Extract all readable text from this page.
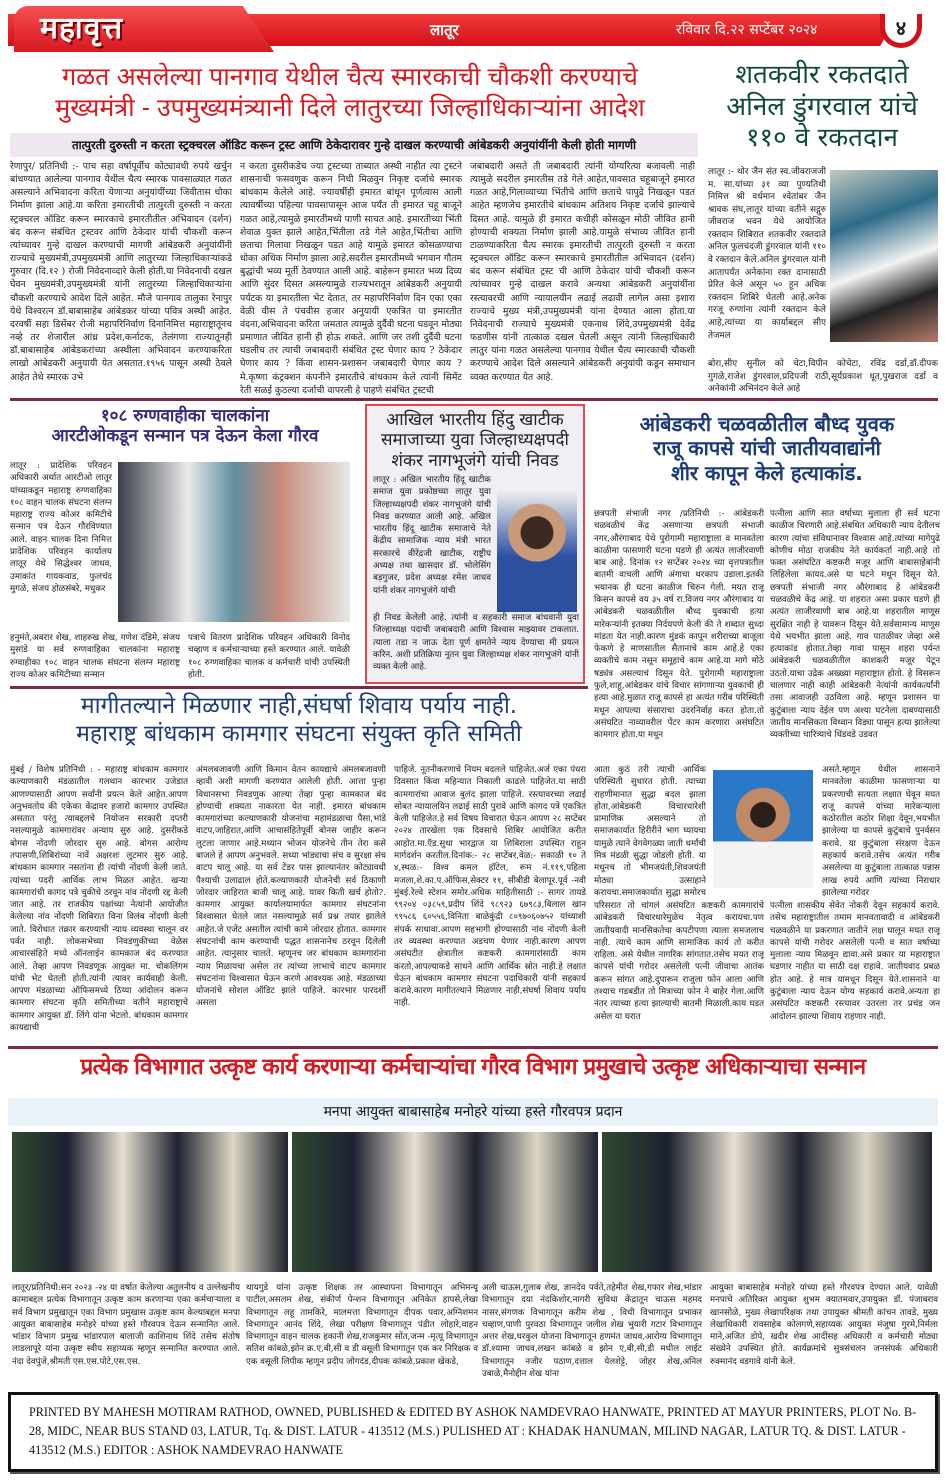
महावृत्त	लातूर	रविवार दि.२२ सप्टेंबर २०२४	४
गळत असलेल्या पानगाव येथील चैत्य स्मारकाची चौकशी करण्याचे
मुख्यमंत्री - उपमुख्यमंत्र्यानी दिले लातुरच्या जिल्हाधिकाऱ्यांना आदेश
तात्पुरती दुरुस्ती न करता स्ट्रक्चरल ऑडिट करून ट्रस्ट आणि ठेकेदारावर गुन्हे दाखल करण्याची आंबेडकरी अनुयांयींनी केली होती मागणी
रेणापुर/ प्रतिनिधी :- पाच सहा वर्षापूर्वीच कोट्यावधी रुपये खर्चुन बांधण्यात आलेल्या पानगाव येथील चैत्य स्मारक पावसाळ्यात गळत असल्याने अभिवादना करिता येणाऱ्या अनुयांयींच्या जिवीतास धोका निर्माण झाला आहे.या करिता इमारतीची तात्पुरती दुरुस्ती न करता स्ट्रक्चरल ऑडिट करून स्मारकाचे इमारतीतील अभिवादन (दर्शन) बंद करून संबंधित ट्रस्टवर आणि ठेकेदार यांची चौकशी करून त्यांच्यावर गुन्हे दाखल करण्याची मागणी आंबेडकरी अनुयांयींनी राज्याचे मुख्यमंत्री,उपमुख्यमंत्री आणि लातुरच्या जिल्हाधिकाऱ्यांकडे गुरुवार (दि.१२ ) रोजी निवेदनाव्दारे केली होती.या निवेदनाची दखल घेवन मुख्यमंत्री,उपमुख्यमंत्री यांनी लातुरच्या जिल्हाधिकाऱ्यांना चौकशी करण्याचे आदेश दिले आहेत. मौजे पानगाव तालुका रेनापुर येथे विश्वरत्न डॉ.बाबासाहेब आंबेडकर यांच्या पवित्र अस्थी आहेत. दरवर्षी सहा डिसेंबर रोजी महापरिनिर्वाण दिनानिमित्त महाराष्ट्रातूनच नव्हे तर शेजारील आंध्र प्रदेश,कर्नाटक, तेलंगणा राज्यातूनही डॉ.बाबासाहेब आंबेडकरांच्या अस्थीला अभिवादन करण्याकरिता लाखो आंबेडकरी अनुयायी येत असतात.१९५६ पासून अस्थी ठेवले आहेत तेथे स्मारक उभे
न करता दुसरीकडेच ज्या ट्रस्टच्या ताब्यात अस्थी नाहीत त्या ट्रस्टने शासनाची फसवणुक करून निधी मिळवुन निकृष्ट दर्जाचे स्मारक बांधकाम केलेले आहे. ज्यावर्षीही इमारत बांधून पूर्णत्वास आली त्यावर्षीच्या पहिल्या पावसापासून आज पर्यंत ती इमारत चहू बाजूने गळत आहे,त्यामुळे इमारतीमध्ये पाणी साचत आहे. इमारतीच्या भिंती शेवाळ युक्त झाले आहेत,भिंतीला तडे गेले आहेत,भिंतीचा आणि छताचा गिलावा निखळून पडत आहे यामुळे इमारत कोसळण्याचा धोका अधिक निर्माण झाला आहे.सदरील इमारतीमध्ये भगवान गौतम बुद्धांची भव्य मूर्ती ठेवण्यात आली आहे. बाहेरून इमारत भव्य दिव्य आणि सुंदर दिसत असल्यामुळे राज्यभरातून आंबेडकरी अनुयायी पर्यटक या इमारतीला भेट देतात, तर महापरिनिर्वाण दिन एका एका वेळी वीस ते पंचवीस हजार अनुयायी एकत्रित या इमारतीत वंदना,अभिवादना करिता जमतात त्यामुळे दुर्दैवी घटना घडवून मोठ्या प्रमाणात जीवित हानी ही होऊ शकते. आणि जर तशी दुर्दैवी घटना घडलीच तर त्याची जबाबदारी संबंधित ट्रस्ट घेणार काय ? ठेकेदार घेणार काय ? किंवा शासन-प्रशासन जबाबदारी घेणार काय ? मे.कृष्णा कंट्रक्शन कंपनीने इमारतीचे बांधकाम केले त्यांनी सिमेंट रेती सळई कुठल्या दर्जाची वापरली हे पाहणे संबंधित ट्रस्टची
जबाबदारी असते ती जबाबदारी त्यांनी योग्यरित्या बजावली नाही त्यामुळे सदरील इमारतीस तडे गेले आहेत,पावसात चहूबाजूने इमारत गळत आहे,गिलाव्याच्या भिंतीचे आणि छताचे पापुद्रे निखळून पडत आहेत म्हणजेच इमारतीचे बांधकाम अतिशय निकृष्ट दर्जाचे झाल्याचे दिसत आहे. यामुळे ही इमारत कधीही कोसळून मोठी जीवित हानी होण्याची शक्यता निर्माण झाली आहे.यामुळे संभाव्य जीवित हानी टाळण्याकरिता चैत्य स्मारक इमारतीची तात्पुरती दुरुस्ती न करता स्ट्रक्चरल ऑडिट करून स्मारकाचे इमारतीतील अभिवादन (दर्शन) बंद करून संबंधित ट्रस्ट ची आणि ठेकेदार यांची चौकशी करून त्यांच्यावर गुन्हे दाखल करावे अन्यथा आंबेडकरी अनुयांयींना रस्त्यावरची आणि न्यायालयीन लढाई लढावी लागेल असा इशारा राज्याचे मुख्य मंत्री,उपमुख्यमंत्री यांना देण्यात आला होता.या निवेदनाची राज्याचे मुख्यमंत्री एकनाथ शिंदे,उपमुख्यमंत्री देवेंद्र फडणीस यांनी तात्काळ दखल घेतली असून त्यांनी जिल्हाधिकारी लातुर यांना गळत असलेल्या पानगाव येथील चैत्य स्मारकाची चौकशी करण्याचे आदेश दिले असल्याने आंबेडकरी अनुयांयी कडून समाधान व्यक्त करण्यात येत आहे.
शतकवीर रकतदाते
अनिल डुंगरवाल यांचे
११० वे रकतदान
लातूर :- थोर जैन संत स्व.जीवराजजी म. सा.यांच्या ३१ व्या पुण्यतिथी निमित्त श्री वर्धमान श्वेतांबर जैन श्रावक संघ,लातूर यांच्या वतीने सद्गुरु जीवराज भवन येथे आयोजित रक्तदान शिबिरात शतकवीर रक्तदाते अनिल फुलचंदजी डुंगरवाल यांनी ११० वे रक्तदान केले.अनिल डुंगरवाल यांनी आतापर्यंत अनेकांना रक्त दानासाठी प्रेरित केले असून ५० हून अधिक रक्तदान शिबिरे घेतली आहे.अनेक गरजू रुग्णांना त्यांनी रक्तदान केले आहे,त्यांच्या या कार्याबद्दल सीए तेजमल
बोरा,सीए सुनील को चेटा,विपीन कोचेटा, रविंद्र दर्डा,डॉ.दीपक गुगळे,राजेश डुंगरवाल,प्रदिपजी राठी,सूर्यप्रकाश धूत,पुखराज दर्डा व अनेकांनी अभिनंदन केले आहे
१०८ रुग्णवाहीका चालकांना
आरटीओकडून सन्मान पत्र देऊन केला गौरव
लातूर : प्रादेशिक परिवहन अधिकारी अर्थात आरटीओ लातूर यांच्याकडून महाराष्ट्र रुग्णवाहिका १०८ वाहन चालक संघटना संलग्न महाराष्ट्र राज्य कोअर कमिटीचे सन्मान पत्र देऊन गौरविण्यात आले. वाहन चालक दिना निमित्त प्रादेशिक परिवहन कार्यालय लातूर येथे सिद्धेश्वर जाधव, उमाकांत गायकवाड, फुलचंद मुगळे, संजय होळसंबरे, मधुकर
हनुमंते,अबरार शेख, शाहरुख शेख, गणेश दंडिमे, संजय मुसांडे या सर्व रुग्णवाहिका चालकांना महाराष्ट्र रुग्वाहीका १०८ वाहन चालक संघटना संलग्न महाराष्ट्र राज्य कोअर कमिटीच्या सन्मान
पत्राचे वितरण प्रादेशिक परिवहन अधिकारी विनोद चव्हाण व कर्मचाऱ्याच्या हस्ते करण्यात आले. यावेळी १०८ रुग्णवाहिका चालक व कर्मचारी यांची उपस्थिती होती.
आखिल भारतीय हिंदु खाटीक
समाजाच्या युवा जिल्हाध्यक्षपदी
शंकर नागभूजंगे यांची निवड
लातूर : अखिल भारतीय हिंदू खाटीक समाज युवा प्रकोष्ठच्या लातूर युवा जिल्हाध्यक्षपदी शंकर नागभुजंगे यांची निवड करण्यात आली आहे. अखिल भारतीय हिंदू खाटीक समाजाचे नेते केंद्रीय सामाजिक न्याय मंत्री भारत सरकारचे वीरेंद्रजी खाटीक, राष्ट्रीय अध्यक्ष तथा खासदार डॉ. भोलेसिंग बड़गुजर, प्रदेश अध्यक्ष रमेश जाधव यांनी शंकर नागभुजंगे यांची
ही निवड केलेली आहे. त्यांनी व सहकारी समाज बांधवानी युवा जिल्हाध्यक्ष पदाची जबाबदारी आणि विश्वास माझ्यावर टाकलात. त्याला तडा न जाऊ देता पूर्ण क्षमतेने न्याय देण्याचा मी प्रयत्न करिन. अशी प्रतिक्रिया नूतन युवा जिल्हाध्यक्ष शंकर नागभुजंगे यांनी व्यक्त केली आहे.
आंबेडकरी चळवळीतील बौध्द युवक
राजू कापसे यांची जातीयवाद्यांनी
शीर कापून केले हत्याकांड.
छत्रपती संभाजी नगर /प्रतिनिधी :- आंबेडकरी चळवळीचं केंद्र असणाऱ्या छत्रपती संभाजी नगर,औरंगाबाद येथे पुरोगामी महाराष्ट्राला व मानवतेला काळीमा फासणारी घटना घडणे ही अत्यंत लाजीरवाणी बाब आहे. दिनांक १२ सप्टेंबर २०२४ च्या वृत्तपत्रातील बातमी वाचली आणि अंगाचा थरकाप उडाला.इतकी भयानक ही घटना काळीज चिरुन गेली. मयत राजू किसन कापसे वय ३५ वर्ष रा.विजय नगर औरंगाबाद या आंबेडकरी चळवळीतील बौध्द युवकाची हत्या मारेकऱ्यांनी इतक्या निर्दयपणे केली की ते शब्दात सुध्दा मांडता येत नाही.कारण मुंडकं कापून शरीराच्या बाजूला फेकणे हे माणसातील सैतानाचे काम आहे.हे एका व्यक्तीचे काम नसून समूहाचे काम आहे.या मागे मोठे षड्यंत्र असल्याचं दिसून येते. पुरोगामी महाराष्ट्राला फुले,शाहू,आंबेडकर यांचे विचार सांगणाऱ्या युवकाची ही हत्या आहे.मुळात राजू कापसे हा अत्यंत गरीब परिस्थिती मधून आपल्या संसाराचा उदरनिर्वाह करत होता.तो असंघटित नाव्यावरील पेंटर काम करणारा असंघटित कामगार होता.या मधून
आता कुठं तरी त्याची आर्थिक परिस्थिती सुधारत होती. त्याच्या राहणीमानात सुद्धा बदल झाला होता,आंबेडकरी विचारधारेशी प्रामाणिक असल्याने तो समाजकार्यात हिरीरीने भाग घ्यायचा यामुळे त्याने वेगवेगळ्या जाती धर्मांची मित्र मंडळी सुद्धा जोडली होती. या मधूनच तो भीमजयंती,शिवजयंती मोठ्या उत्साहाने करायचा.समाजकार्यात सुद्धा समोरच
परिसरात तो चांगलं असंघटित कष्टकरी कामगारांचे आंबेडकरी विचारधारेमुळेच नेतृत्व करायचा.पण जातीयवादी मानसिकतेचा कपटीपणा त्याला समजलाच नाही. त्याचे काम आणि सामाजिक कार्य तो करीत राहिला. असे येथील नागरिक सांगतात.तसेच मयत राजू कापसे यांची गरोदर असलेली पत्नी जीवाचा आतंक करून सांगत आहे.दुपारून राजुला फोन आला आणि तश्याच गडबडीत तो मित्राच्या फोन ने बाहेर गेला.आणि नंतर त्याच्या हत्या झाल्याची बातमी मिळाली.काय घडत असेल या घरात
पत्नीला आणि सात वर्षाच्या मुलाला ही सर्व घटना काळीज चिरणारी आहे.संबधित अधिकारी न्याय देतीलच कारण त्यांचा संविधानावर विश्वास आहे.त्यांच्या मागेपुढे कोणीच मोठा राजकीय नेते कार्यकर्ता नाही.आहे तो फक्त असंघटित कष्टकरी मजूर आणि बाबासाहेबांनी लिहिलेला कायद.असे या घटने मधून दिसून येते. छत्रपती संभाजी नगर औरंगाबाद हे आंबेडकरी चळवळीचे केंद्र आहे. या शहरात असा प्रकार घडणे ही अत्यंत लाजीरवाणी बाब आहे.या शहरातील माणूस सुरक्षित नाही हे यावरून दिसून येते.सर्वसामान्य माणूस येथे भयभीत झाला आहे. गाव पातळीवर जेव्हा असे हत्याकांड होतात.तेव्हा गावा पासून शहरा पर्यन्त आंबेडकरी चळवळीतील काशकरी मजूर पेटून उठतो.याचा उद्रेक अख्ख्या महाराष्ट्रात होतो. हे विसरून चालणार नाही काही आंबेडकरी नेत्यांनी कार्यकर्त्यांनी तसा आवाजही उठविला आहे. म्हणून प्रशासन या कुटुंबाला न्याय देईल पण अश्या घटनेला दाबण्यासाठी जातीय मानसिकता विध्वान विड्या पासून हत्या झालेल्या व्यक्तीच्या चारित्र्याचे धिंडवडे उडवत
असते.म्हणून येथील शासनाने मानवतेला काळीमा फासणाऱ्या या प्रकरणाची सत्यता लक्षात घेवून मयत राजू कापसे यांच्या मारेकऱ्याला कठोरतील कठोर शिक्षा देवून,भयभीत झालेल्या या कापसे कुटुंबाचे पुनर्वसन करावे. या कुटुंबाला संरक्षण देऊन सहकार्य करावे.तसेच अत्यंत गरीब असलेल्या या कुटुंबाला तात्काळ पन्नास लाख रुपये आणि त्यांच्या निराधार झालेल्या गरोदर
पत्नीला शासकीय सेवेत नोकरी देवून सहकार्य करावे. तसेच महाराष्ट्रातील तमाम मानवतावादी व आंबेडकरी चळवळीने या प्रकरणात जातीने लक्ष घालून मयत राजू कापसे यांची गरोदर असलेली पत्नी व सात वर्षाच्या मुलाला न्याय मिळवून द्यावा.असे प्रकार या महाराष्ट्रात घडणार नाहीत या साठी दक्ष राहावे. जातीयवाद प्रबळ होत आहे. हे मात्र यामधून दिसून येते.शासनाने या कुटुंबाला न्याय देऊन योग्य सहकार्य करावे.अन्यता हा असंघटित कष्टकरी रस्त्यावर उतरला तर प्रचंड जन आंदोलन झाल्या शिवाय राहणार नाही.
मागीतल्याने मिळणार नाही,संघर्षा शिवाय पर्याय नाही.
महाराष्ट्र बांधकाम कामगार संघटना संयुक्त कृति समिती
मुंबई / विशेष प्रतिनिधी : - महाराष्ट्र बांधकाम कामगार कल्याणकारी मंडळातील गलथान कारभार उजेडात आणण्यासाठी आपण सर्वांनी प्रयत्न केले आहेत.आपण अनुभवतोय की एकेका केंद्रावर हजारो कामगार उपस्थित असतात परंतु त्याबद्दलचे नियोजन सरकारी दप्तरी नसल्यामुळे कामगारांवर अन्याय सुरु आहे. दुसरीकडे बोगस नोंदणी जोरदार सुरु आहे. बोगस आरोग्य तपासणी,शिबिरांच्या नावें अक्षरशः लुटमार सुरु आहे. बांधकाम कामगार नसतांना ही त्यांची नोंदणी केली जाते. त्यांच्या पदरी आर्थिक लाभ मिळत आहेत. खऱ्या कामगारांची कागद पत्रे चुकीचे ठरवून नांव नोंदणी रद्द केली जात आहे. तर राजकीय पक्षांच्या नेत्यांनी आयोजीत केलेल्या नांव नोंदणी शिबिरात विना विलंब नोंदणी केली जाते. विरोधात तक्रार करण्याची न्याय व्यवस्था चालून वर पर्वत नाही. लोकसभेच्या निवडणुकीच्या वेळेस आचारसंहिते मध्ये ऑनलाईन कामकाज बंद करण्यात आले. तेव्हा आपण निवडणूक आयुक्त मा. चोकलिंगम यांची भेट घेतली होती.त्यांनी त्यावर कार्यवाही केली. आपण मंडळाच्या ऑफिसमध्ये ठिय्या आंदोलन करून कामगार संघटना कृति समितीच्या वतीने महाराष्ट्राचे कामगार आयुक्त डॉ. लिंगे यांना भेटलो. बांधकाम कामगार कायद्याची
अंमलबजावणी आणि किमान वेतन कायद्याचे अंमलबजावणी व्हावी अशी मागणी करण्यात आलेली होती. आत्ता पुन्हा विधानसभा निवडणुक आल्या तेव्हा पुन्हा कामकाज बंद होण्याची शक्यता नाकारता येत नाही. इमारत बांधकाम कामगारांच्या कल्याणकारी योजनांचा महामंडळाचा पैसा,भांडे वाटप,जाहिरात,आणि आचासंहितेपूर्वी बोनस जाहीर करून लुटला जाणार आहे.मध्यान भोजन योजनेचे तीन तेरा कसे बाजले हे आपण अनुभवले. सध्या भांड्याचा संच व सुरक्षा संच वाटप चालू आहे. या सर्व टेंडर पास झाल्यानंतर कोट्यावधी पैश्याची उलाढाल होते.कल्याणकारी योजनेची सर्व ठिकाणी जोरदार जाहिरात बाजी चालू आहे. यावर किती खर्च होतो?. कामगार आयुक्त कार्यालयामार्फत कामगार संघटनांना विश्वासात घेतले जात नसल्यामुळे सर्व प्रश्न तयार झालेले आहेत.जे एजेंट असतील त्यांची कामे जोरदार होतात. कामगार संघटनांची काम करण्याची पद्धत शासनानेच ठरवून दिलेली आहेत. त्यानुसार चालते. म्हणूनच जर बांधकाम कामगारांना न्याय मिळायचा असेल तर त्यांच्या लाभाचे वाटप कामगार संघटनांना विश्वासात घेऊन करणे आवश्यक आहे. मंडळाच्या योजनांचे सोशल ऑडिट झाले पाहिजे. कारभार पारदर्शी असला
पाहिजे. नूतनीकरणाचे नियम बदलले पाहिजेत.अर्ज एका पंधरा दिवसात किंवा महिन्यात निकाली काढले पाहिजेत.या साठी कामगारांचा आवाज बुलंद झाला पाहिजे. रस्त्यावरच्या लढाई सोबत न्यायालयिन लढाई साठी पुरावे आणि कागद पत्रे एकत्रित केली पाहिजेत.हे सर्व विषय विचारात घेऊन आपण २८ सप्टेंबर २०२४ तारखेला एक दिवसाचे शिबिर आयोजित करीत आहोत.मा.ऍड.सुधा भारद्वाज या शिबिराला उपस्थित राहून मार्गदर्शन करतील.दिनांक:- २८ सप्टेंबर,वेळ:- सकाळी १० ते ४,स्थळ:- विश्व कमल हॉटेल, रूम नं.११९,पहिला मजला,शे.का.प.ऑफिस,सेक्टर ११, सीबीडी बेलापूर.पूर्व -नवी मुंबई.रेल्वे स्टेशन समोर.अधिक माहितीसाठी :- सागर तायडे ९९२०४ ०३८५९,प्रदीप शिंदे ९८९२३ ६७९८३,बिलाल खान ९९५८६ ६०५५६,विनिता बाळेकुंद्री ८०९७०६०७५२ यांच्याशी संपर्क साधावा.आपण सहभागी होण्यासाठी नांव नोंदणी केली तर व्यवस्था करण्यात अडचण येणार नाही.कारण आपण असंघटीत क्षेत्रातील कष्टकरी कामगारांसाठी काम करतो,आपल्याकडे साधने आणि आर्थिक स्रोत नाही.हे लक्षात घेऊन बांधकाम कामगार संघटना पदाधिकारी यांनी सहकार्य करावे.कारण मागीतल्याने मिळणार नाही,संघर्षा शिवाय पर्याय नाही.
प्रत्येक विभागात उत्कृष्ट कार्य करणाऱ्या कर्मचाऱ्यांचा गौरव विभाग प्रमुखाचे उत्कृष्ट अधिकाऱ्याचा सन्मान
मनपा आयुक्त बाबासाहेब मनोहरे यांच्या हस्ते गौरवपत्र प्रदान
लातूर/प्रतिनिधी:सन २०२३ -२४ या वर्षात केलेल्या अतुलनीय व उल्लेखनीय कामाबद्दल प्रत्येक विभागातून उत्कृष्ट काम करणाऱ्या एका कर्मचाऱ्याला व सर्व विभाग प्रमुखातून एका विभाग प्रमुखास उत्कृष्ट काम केल्याबद्दल मनपा आयुक्त बाबासाहेब मनोहरे यांच्या हस्ते गौरवपत्र देऊन सन्मानित आले. भांडार विभाग प्रमुख भांडारपाल बालाजी काशिनाथ शिंदे तसेच संतोष लाडलापूरे यांना उत्कृष्ट स्वीय सहाय्यक म्हणून सन्मानित करण्यात आले. नंदा देवपुंजे,श्रीमती एस.एस.पोटे,एस.एस.
थायगुडे यांना उत्कृष्ट शिक्षक तर आस्थापना विभागातून अभिमन्यू पाटील,असलम शेख, संकीर्ण पेन्शन विभागातून अनिकेत हापसे,लेखा विभागातून लहू तामकिरे, मालमत्ता विभागातून दीपक पवार,अग्निशमन विभागातून आनंद शिंदे, लेखा परीक्षण विभागातून पंडीत लोहारे,वाहन विभागातून वाहन चालक हकानी शेख,राजकुमार सोंत,जन्म -मृत्यू विभागातून सतिश कांबळे,झोन क्र.ए,बी,सी व डी वसूली विभागातून एक कर निरिक्षक व एक वसूली लिपीक म्हणून प्रदीप जोगदंड,दीपक कांबळे,प्रकाश खेकडे,
अली चाऊस,गुलाब शेख, ज्ञानदेव पर्वते,तहेमीत शेख,गफार शेख,भांडार विभागातून दया नंदकिशोर,नागरी सुविधा केंद्रातून चाऊस महमद नासर,संगणक विभागातून करीम शेख , विधी विभागातून प्रभाकर चव्हाण,पाणी पुरवठा विभागातून जलील शेख भुयारी गटार विभागातून अत्तर शेख,घरकुल योजना विभागातून हणमंत जाधव,आरोग्य विभागातून डॉ.श्यामा जाधव,लखन कांबळे व झोन ए,बी,सी,डी मधील लाईट विभागातून नजीर पठाण,दत्ताल येलशेट्टे, जोहर शेख,अनिल उबाळे,मैनोद्दीन शेख यांना
आयुक्त बाबासाहेब मनोहरे यांच्या हस्ते गौरवपत्र देण्यात आले. यावेळी मनपाचे अतिरिक्त आयुक्त शुभम क्यातमवार,उपायुक्त डॉ. पंजाबराव खानसोळे, मुख्य लेखापरिक्षक तथा उपायुक्त श्रीमती कांचन तावडे, मुख्य लेखाधिकारी रावसाहेब कोलगणे,सहाय्यक आयुक्त मंजुषा गुरमे,निर्मला माने,अजित डोपे, खदीर शेख आदींसह अधिकारी व कर्मचारी मोठ्या संख्येने उपस्थित होते. कार्यक्रमांचे सुत्रसंचलन जनसंपर्क अधिकारी रुक्मानंद वडगावे यांनी केले.
PRINTED BY MAHESH MOTIRAM RATHOD, OWNED, PUBLISHED & EDITED BY ASHOK NAMDEVRAO HANWATE, PRINTED AT MAYUR PRINTERS, PLOT No. B-28, MIDC, NEAR BUS STAND 03, LATUR, Tq. & DIST. LATUR - 413512 (M.S.) PULISHED AT : KHADAK HANUMAN, MILIND NAGAR, LATUR TQ. & DIST. LATUR - 413512 (M.S.) EDITOR : ASHOK NAMDEVRAO HANWATE
